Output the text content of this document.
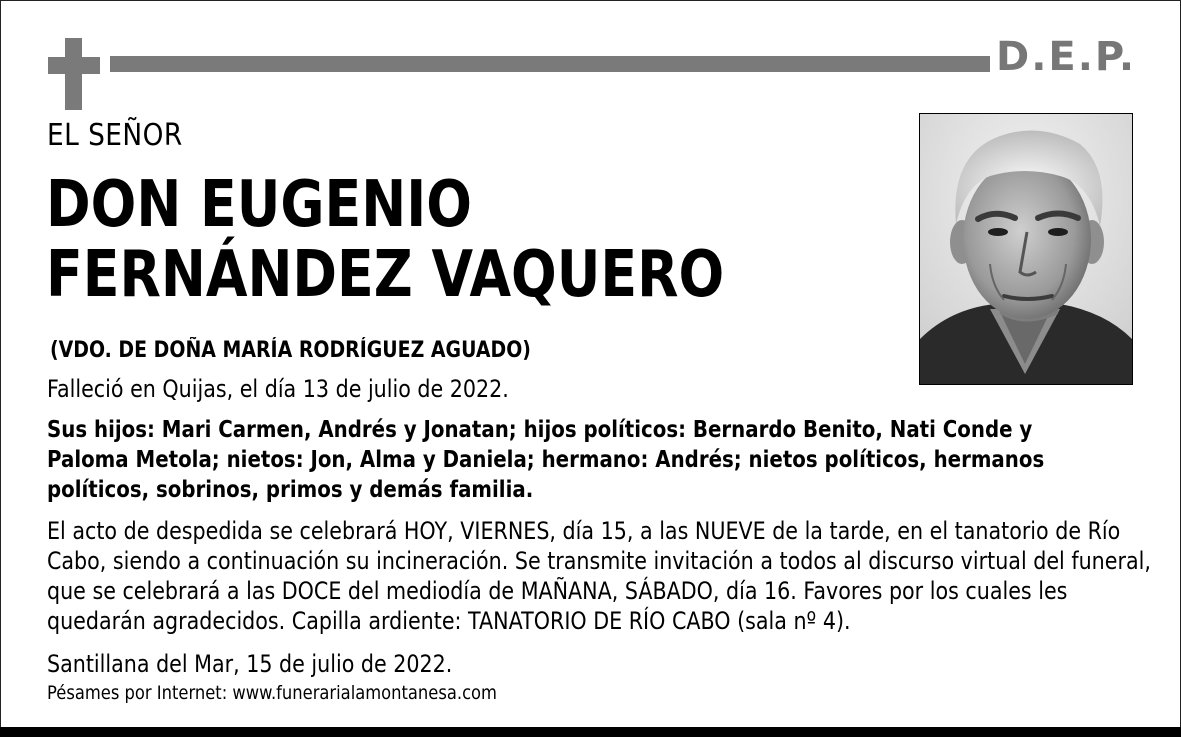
D.E.P.
EL SEÑOR
DON EUGENIO
FERNÁNDEZ VAQUERO
(VDO. DE DOÑA MARÍA RODRÍGUEZ AGUADO)
Falleció en Quijas, el día 13 de julio de 2022.
Sus hijos: Mari Carmen, Andrés y Jonatan; hijos políticos: Bernardo Benito, Nati Conde y Paloma Metola; nietos: Jon, Alma y Daniela; hermano: Andrés; nietos políticos, hermanos políticos, sobrinos, primos y demás familia.
El acto de despedida se celebrará HOY, VIERNES, día 15, a las NUEVE de la tarde, en el tanatorio de Río Cabo, siendo a continuación su incineración. Se transmite invitación a todos al discurso virtual del funeral, que se celebrará a las DOCE del mediodía de MAÑANA, SÁBADO, día 16. Favores por los cuales les quedarán agradecidos. Capilla ardiente: TANATORIO DE RÍO CABO (sala nº 4).
Santillana del Mar, 15 de julio de 2022.
Pésames por Internet: www.funerarialamontanesa.com
